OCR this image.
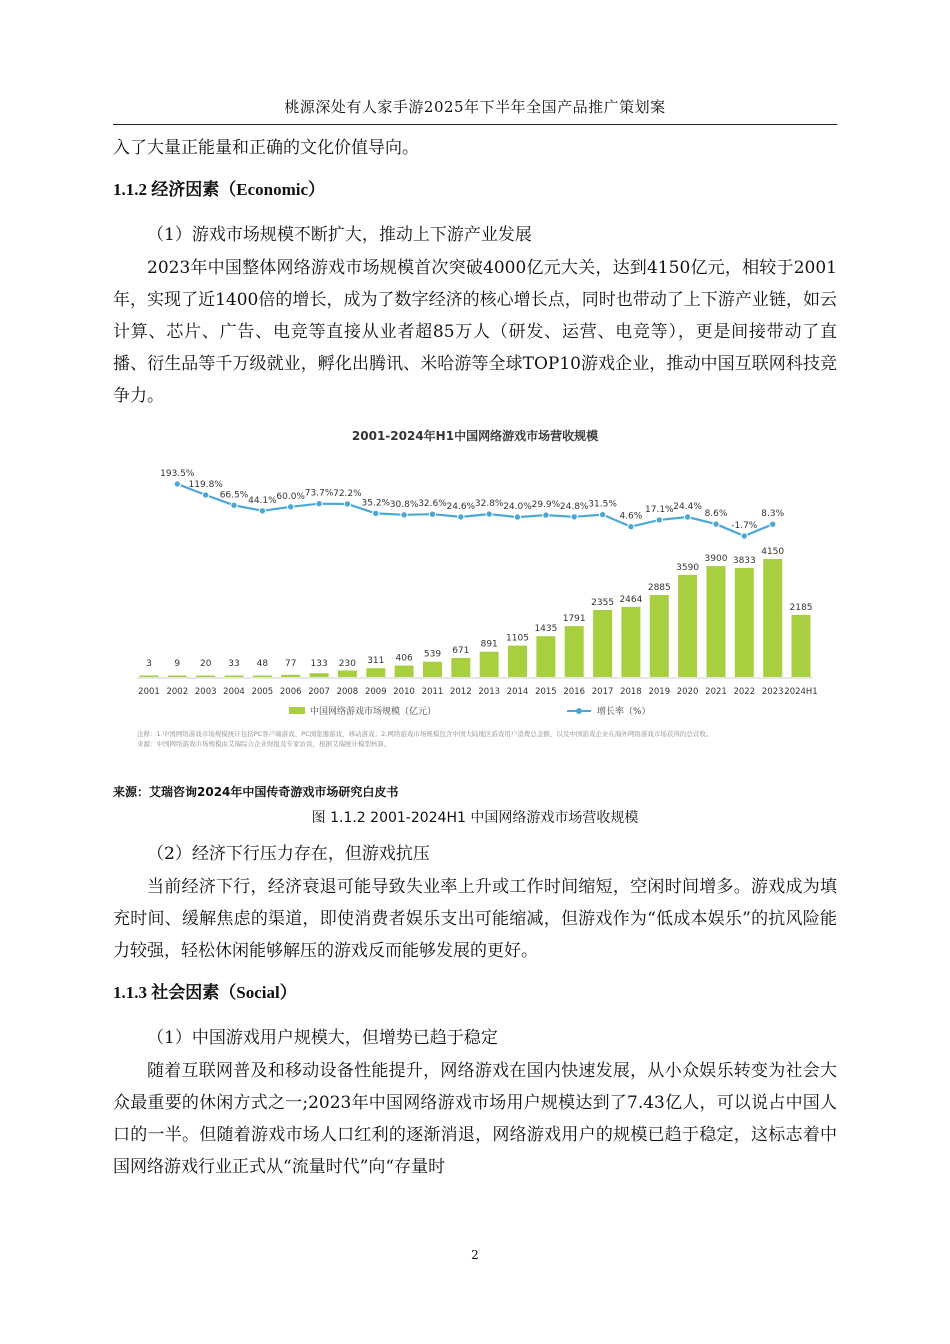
桃源深处有人家手游2025年下半年全国产品推广策划案

入了大量正能量和正确的文化价值导向。

1.1.2 经济因素（Economic）

（1）游戏市场规模不断扩大，推动上下游产业发展

2023年中国整体网络游戏市场规模首次突破4000亿元大关，达到4150亿元，相较于2001年，实现了近1400倍的增长，成为了数字经济的核心增长点，同时也带动了上下游产业链，如云计算、芯片、广告、电竞等直接从业者超85万人（研发、运营、电竞等），更是间接带动了直播、衍生品等千万级就业，孵化出腾讯、米哈游等全球TOP10游戏企业，推动中国互联网科技竞争力。

2001-2024年H1中国网络游戏市场营收规模
193.5%
119.8%
66.5%
44.1% 60.0% 73.7% 72.2%
35.2% 30.8% 32.6% 24.6% 32.8% 24.0% 29.9% 24.8% 31.5%
4.6%
17.1% 24.4%
8.6%
-1.7%
8.3%
3	9 20 33 48 77 133 230 311 406 539 671
891
1105
1435
1791
2355 2464
2885
3590
3900 3833
4150
2185
2001 2002 2003 2004 2005 2006 2007 2008 2009 2010 2011 2012 2013 2014 2015 2016 2017 2018 2019 2020 2021 2022 2023 2024H1
中国网络游戏市场规模（亿元）	增长率（%）
注释：1.中国网络游戏市场规模统计包括PC客户端游戏、PC浏览器游戏、移动游戏；2.网络游戏市场规模包含中国大陆地区游戏用户消费总金额，以及中国游戏企业在海外网络游戏市场获得的总营收。
来源：中国网络游戏市场规模由艾瑞综合企业财报及专家访谈，根据艾瑞统计模型核算。
来源：艾瑞咨询2024年中国传奇游戏市场研究白皮书
图 1.1.2 2001-2024H1 中国网络游戏市场营收规模

（2）经济下行压力存在，但游戏抗压

当前经济下行，经济衰退可能导致失业率上升或工作时间缩短，空闲时间增多。游戏成为填充时间、缓解焦虑的渠道，即使消费者娱乐支出可能缩减，但游戏作为“低成本娱乐”的抗风险能力较强，轻松休闲能够解压的游戏反而能够发展的更好。

1.1.3 社会因素（Social）

（1）中国游戏用户规模大，但增势已趋于稳定

随着互联网普及和移动设备性能提升，网络游戏在国内快速发展，从小众娱乐转变为社会大众最重要的休闲方式之一;2023年中国网络游戏市场用户规模达到了7.43亿人，可以说占中国人口的一半。但随着游戏市场人口红利的逐渐消退，网络游戏用户的规模已趋于稳定，这标志着中国网络游戏行业正式从“流量时代”向“存量时

2
